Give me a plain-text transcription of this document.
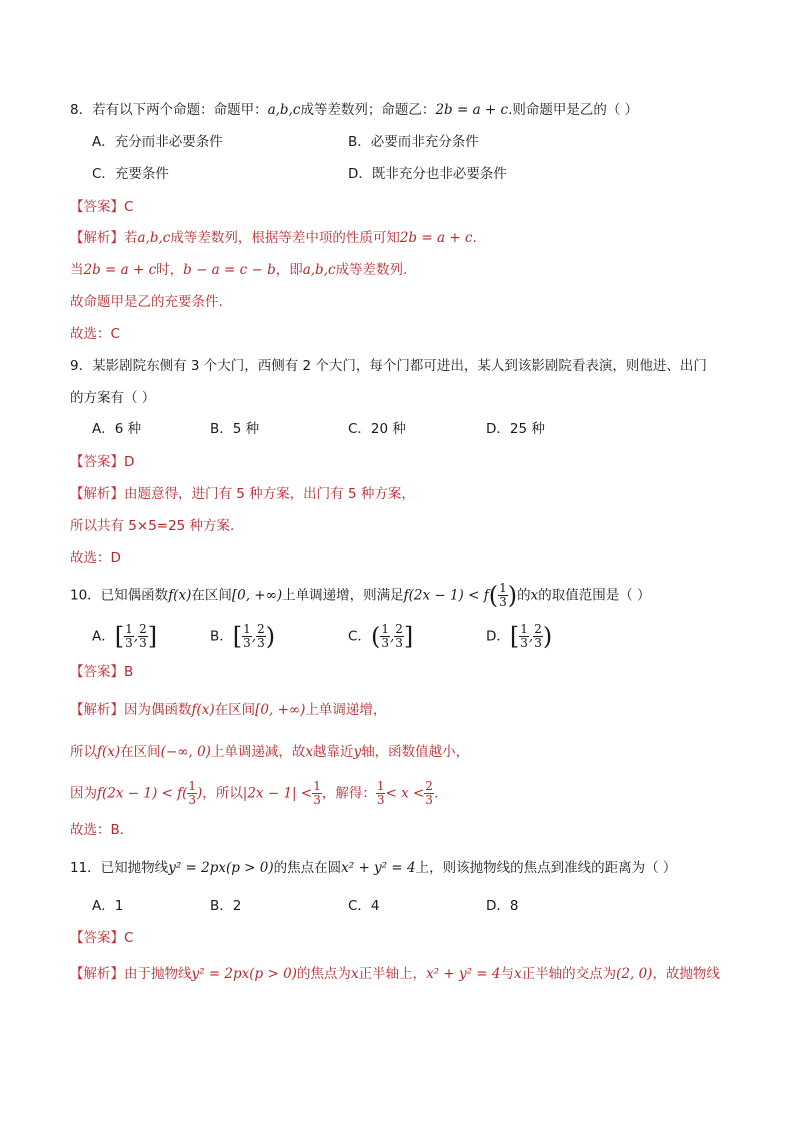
8．若有以下两个命题：命题甲：a,b,c成等差数列；命题乙：2b = a + c.则命题甲是乙的（ ）
A．充分而非必要条件	B．必要而非充分条件
C．充要条件	D．既非充分也非必要条件
【答案】C
【解析】若a,b,c成等差数列，根据等差中项的性质可知2b = a + c.
当2b = a + c时，b − a = c − b，即a,b,c成等差数列.
故命题甲是乙的充要条件.
故选：C
9．某影剧院东侧有 3 个大门，西侧有 2 个大门，每个门都可进出，某人到该影剧院看表演，则他进、出门
的方案有（ ）
A．6 种	B．5 种	C．20 种	D．25 种
【答案】D
【解析】由题意得，进门有 5 种方案，出门有 5 种方案，
所以共有 5×5=25 种方案.
故选：D
10．已知偶函数f(x)在区间[0, +∞)上单调递增，则满足$f(2x - 1) < f( \frac{1}{3}$ )的x的取值范围是（ ）
A．[ $\frac{1}{3}$ , $\frac{2}{3}$ ]	B．[ $\frac{1}{3}$ , $\frac{2}{3}$ )	C．( $\frac{1}{3}$ , $\frac{2}{3}$ ]	D．[ $\frac{1}{3}$ , $\frac{2}{3}$ )
【答案】B
【解析】因为偶函数f(x)在区间[0, +∞)上单调递增，
所以f(x)在区间(−∞, 0)上单调递减，故x越靠近y轴，函数值越小，
因为$f(2x - 1) < f( \frac{1}{3}$ )，所以$|2x - 1| < \frac{1}{3}$ ，解得： $\frac{1}{3} < x < \frac{2}{3}$ .
故选：B．
11．已知抛物线y² = 2px(p > 0)的焦点在圆x² + y² = 4上，则该抛物线的焦点到准线的距离为（ ）
A．1	B．2	C．4	D．8
【答案】C
【解析】由于抛物线y² = 2px(p > 0)的焦点为x正半轴上，x² + y² = 4与x正半轴的交点为(2, 0)，故抛物线
